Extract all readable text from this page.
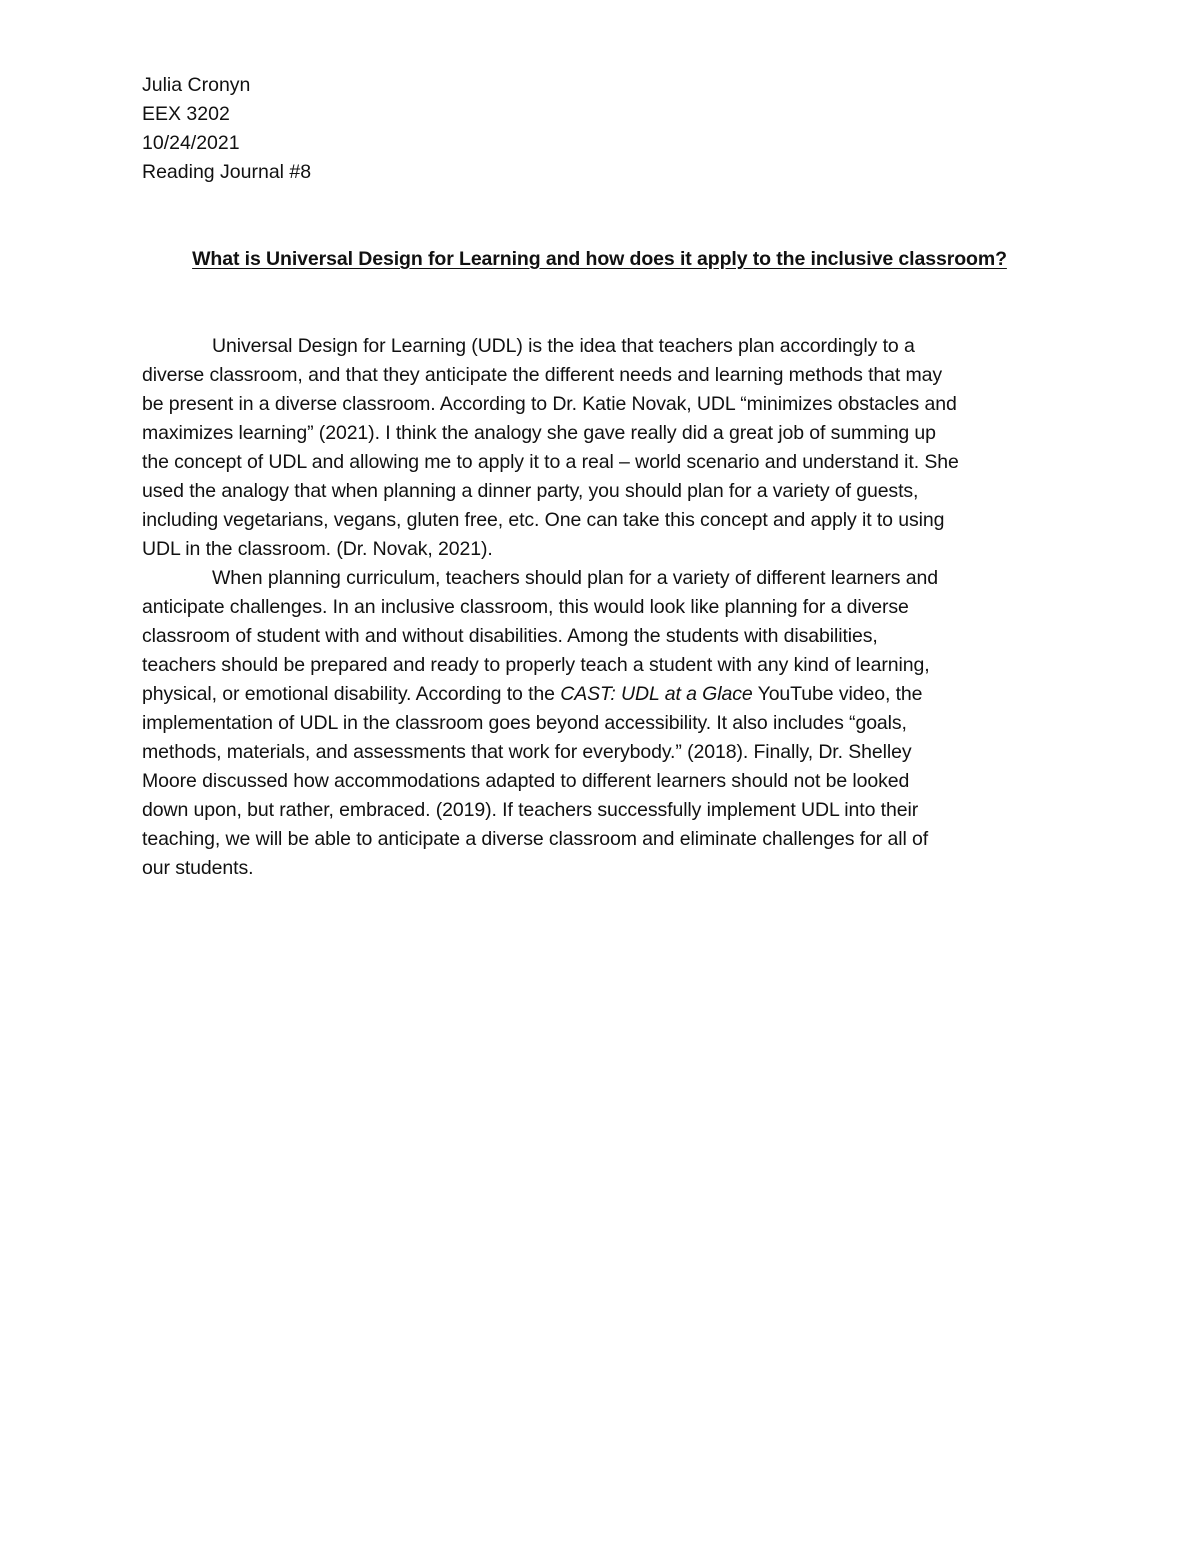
Julia Cronyn

EEX 3202

10/24/2021

Reading Journal #8

What is Universal Design for Learning and how does it apply to the inclusive classroom?

Universal Design for Learning (UDL) is the idea that teachers plan accordingly to a
diverse classroom, and that they anticipate the different needs and learning methods that may
be present in a diverse classroom. According to Dr. Katie Novak, UDL “minimizes obstacles and
maximizes learning” (2021). I think the analogy she gave really did a great job of summing up
the concept of UDL and allowing me to apply it to a real – world scenario and understand it. She
used the analogy that when planning a dinner party, you should plan for a variety of guests,
including vegetarians, vegans, gluten free, etc. One can take this concept and apply it to using
UDL in the classroom. (Dr. Novak, 2021).

When planning curriculum, teachers should plan for a variety of different learners and
anticipate challenges. In an inclusive classroom, this would look like planning for a diverse
classroom of student with and without disabilities. Among the students with disabilities,
teachers should be prepared and ready to properly teach a student with any kind of learning,
physical, or emotional disability. According to the CAST: UDL at a Glace YouTube video, the
implementation of UDL in the classroom goes beyond accessibility. It also includes “goals,
methods, materials, and assessments that work for everybody.” (2018). Finally, Dr. Shelley
Moore discussed how accommodations adapted to different learners should not be looked
down upon, but rather, embraced. (2019). If teachers successfully implement UDL into their
teaching, we will be able to anticipate a diverse classroom and eliminate challenges for all of
our students.
